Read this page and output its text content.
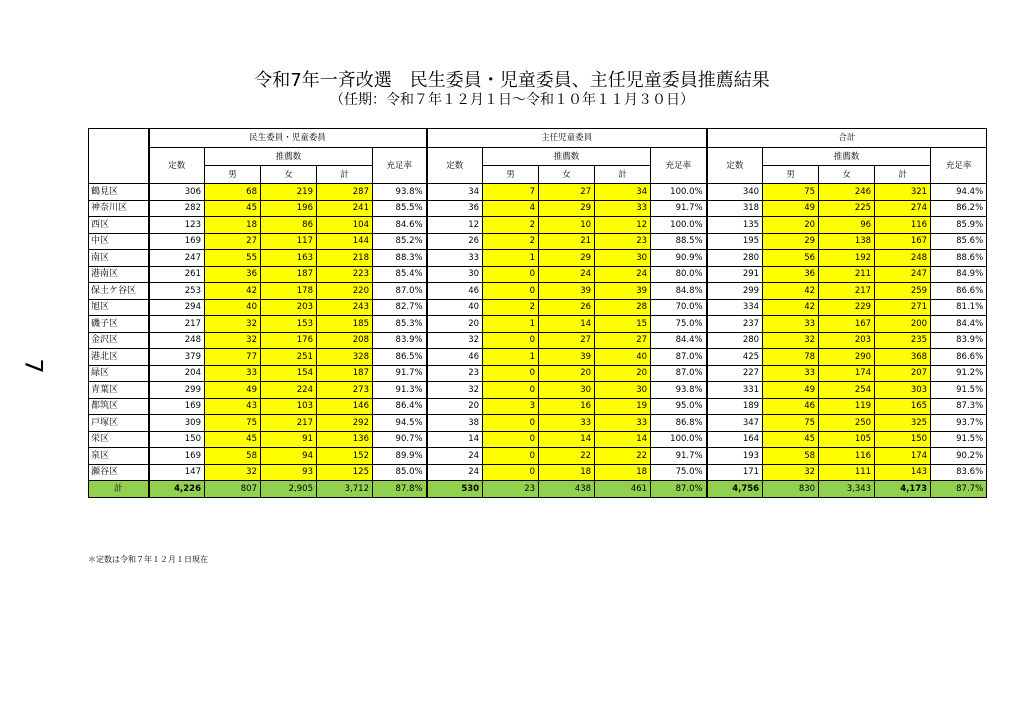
令和7年一斉改選　民生委員・児童委員、主任児童委員推薦結果
（任期：令和７年１２月１日～令和１０年１１月３０日）
7
	民生委員・児童委員					主任児童委員					合計				
	定数	推薦数			充足率	定数	推薦数			充足率	定数	推薦数			充足率
		男	女	計			男	女	計			男	女	計	
鶴見区	306	68	219	287	93.8%	34	7	27	34	100.0%	340	75	246	321	94.4%
神奈川区	282	45	196	241	85.5%	36	4	29	33	91.7%	318	49	225	274	86.2%
西区	123	18	86	104	84.6%	12	2	10	12	100.0%	135	20	96	116	85.9%
中区	169	27	117	144	85.2%	26	2	21	23	88.5%	195	29	138	167	85.6%
南区	247	55	163	218	88.3%	33	1	29	30	90.9%	280	56	192	248	88.6%
港南区	261	36	187	223	85.4%	30	0	24	24	80.0%	291	36	211	247	84.9%
保土ケ谷区	253	42	178	220	87.0%	46	0	39	39	84.8%	299	42	217	259	86.6%
旭区	294	40	203	243	82.7%	40	2	26	28	70.0%	334	42	229	271	81.1%
磯子区	217	32	153	185	85.3%	20	1	14	15	75.0%	237	33	167	200	84.4%
金沢区	248	32	176	208	83.9%	32	0	27	27	84.4%	280	32	203	235	83.9%
港北区	379	77	251	328	86.5%	46	1	39	40	87.0%	425	78	290	368	86.6%
緑区	204	33	154	187	91.7%	23	0	20	20	87.0%	227	33	174	207	91.2%
青葉区	299	49	224	273	91.3%	32	0	30	30	93.8%	331	49	254	303	91.5%
都筑区	169	43	103	146	86.4%	20	3	16	19	95.0%	189	46	119	165	87.3%
戸塚区	309	75	217	292	94.5%	38	0	33	33	86.8%	347	75	250	325	93.7%
栄区	150	45	91	136	90.7%	14	0	14	14	100.0%	164	45	105	150	91.5%
泉区	169	58	94	152	89.9%	24	0	22	22	91.7%	193	58	116	174	90.2%
瀬谷区	147	32	93	125	85.0%	24	0	18	18	75.0%	171	32	111	143	83.6%
計	4,226	807	2,905	3,712	87.8%	530	23	438	461	87.0%	4,756	830	3,343	4,173	87.7%
＊定数は令和７年１２月１日現在
